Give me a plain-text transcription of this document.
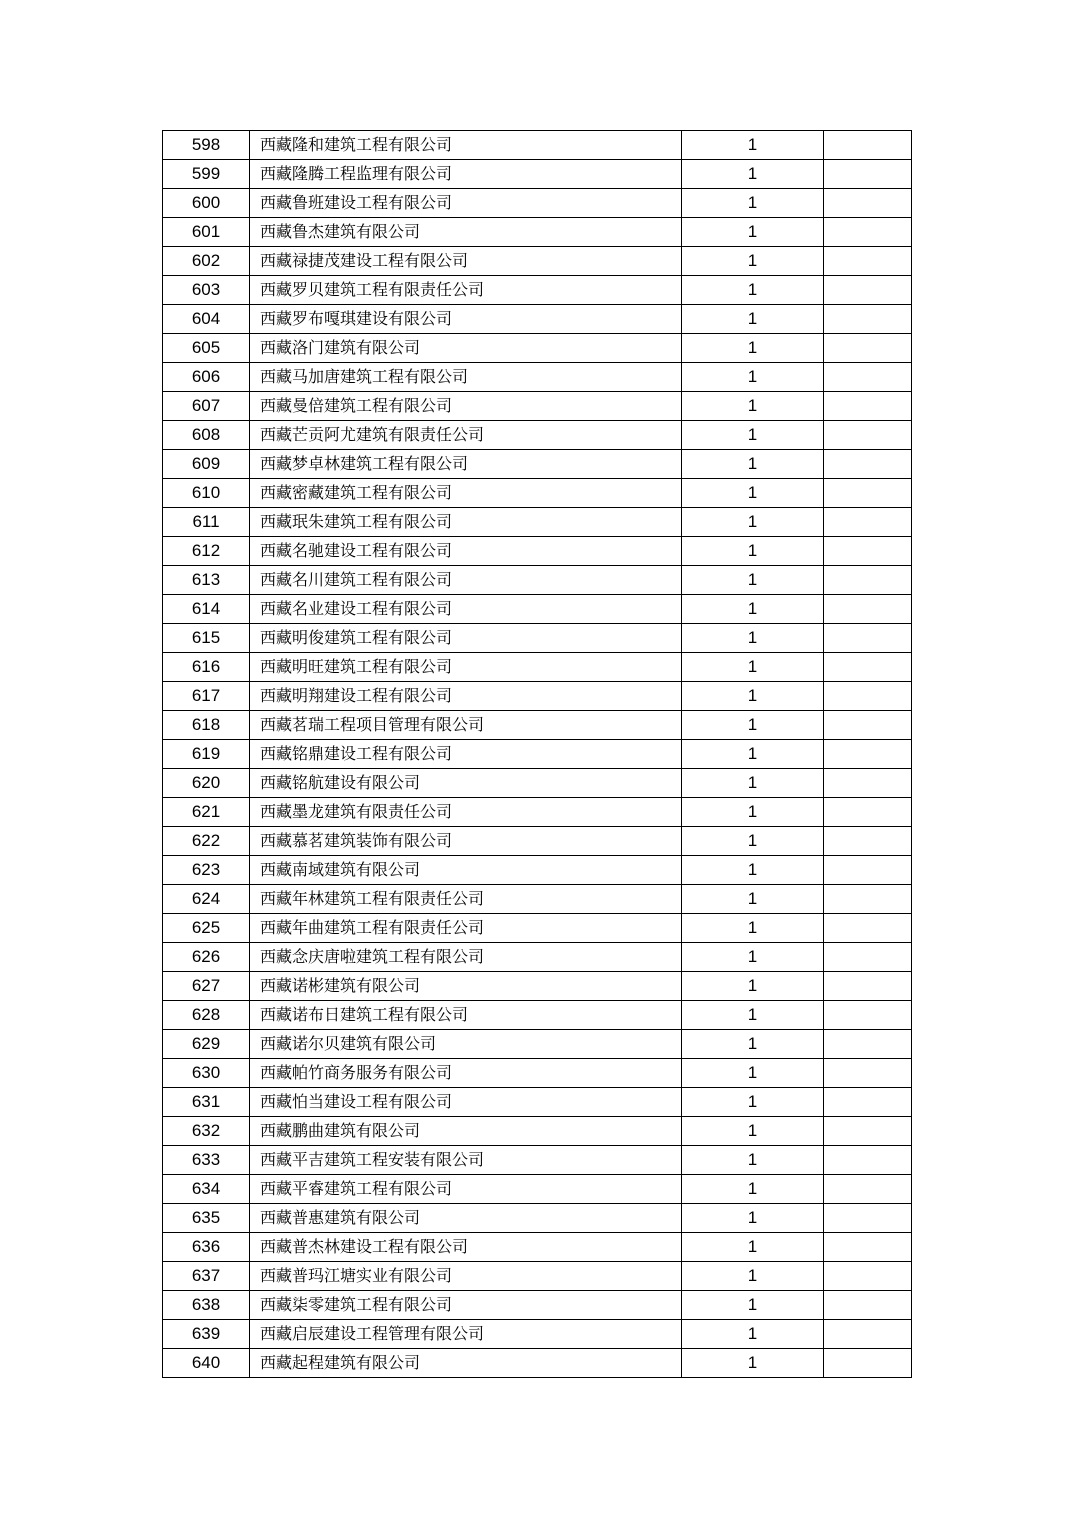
598	西藏隆和建筑工程有限公司	1	
599	西藏隆腾工程监理有限公司	1	
600	西藏鲁班建设工程有限公司	1	
601	西藏鲁杰建筑有限公司	1	
602	西藏禄捷茂建设工程有限公司	1	
603	西藏罗贝建筑工程有限责任公司	1	
604	西藏罗布嘎琪建设有限公司	1	
605	西藏洛门建筑有限公司	1	
606	西藏马加唐建筑工程有限公司	1	
607	西藏曼倍建筑工程有限公司	1	
608	西藏芒贡阿尤建筑有限责任公司	1	
609	西藏梦卓林建筑工程有限公司	1	
610	西藏密藏建筑工程有限公司	1	
611	西藏珉朱建筑工程有限公司	1	
612	西藏名驰建设工程有限公司	1	
613	西藏名川建筑工程有限公司	1	
614	西藏名业建设工程有限公司	1	
615	西藏明俊建筑工程有限公司	1	
616	西藏明旺建筑工程有限公司	1	
617	西藏明翔建设工程有限公司	1	
618	西藏茗瑞工程项目管理有限公司	1	
619	西藏铭鼎建设工程有限公司	1	
620	西藏铭航建设有限公司	1	
621	西藏墨龙建筑有限责任公司	1	
622	西藏慕茗建筑装饰有限公司	1	
623	西藏南域建筑有限公司	1	
624	西藏年林建筑工程有限责任公司	1	
625	西藏年曲建筑工程有限责任公司	1	
626	西藏念庆唐啦建筑工程有限公司	1	
627	西藏诺彬建筑有限公司	1	
628	西藏诺布日建筑工程有限公司	1	
629	西藏诺尔贝建筑有限公司	1	
630	西藏帕竹商务服务有限公司	1	
631	西藏怕当建设工程有限公司	1	
632	西藏鹏曲建筑有限公司	1	
633	西藏平吉建筑工程安装有限公司	1	
634	西藏平睿建筑工程有限公司	1	
635	西藏普惠建筑有限公司	1	
636	西藏普杰林建设工程有限公司	1	
637	西藏普玛江塘实业有限公司	1	
638	西藏柒零建筑工程有限公司	1	
639	西藏启辰建设工程管理有限公司	1	
640	西藏起程建筑有限公司	1	
